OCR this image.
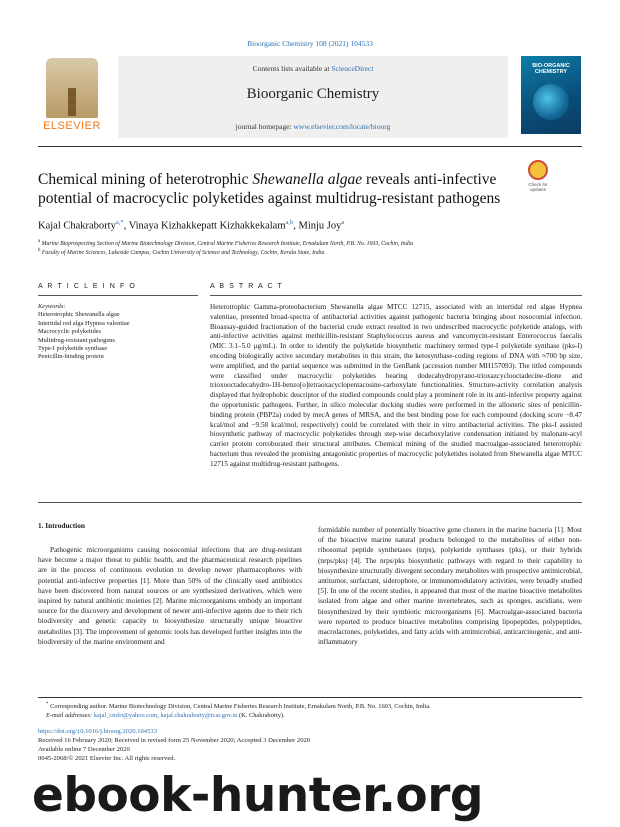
Bioorganic Chemistry 108 (2021) 104533
ELSEVIER
Contents lists available at ScienceDirect
Bioorganic Chemistry
journal homepage: www.elsevier.com/locate/bioorg
BIO-ORGANIC CHEMISTRY
Chemical mining of heterotrophic Shewanella algae reveals anti-infective potential of macrocyclic polyketides against multidrug-resistant pathogens
Check for updates
Kajal Chakraborty$^{a,*}$, Vinaya Kizhakkepatt Kizhakkekalam$^{a,b}$, Minju Joy$^a$
$^a$ Marine Bioprospecting Section of Marine Biotechnology Division, Central Marine Fisheries Research Institute, Ernakulam North, P.B. No. 1603, Cochin, India
$^b$ Faculty of Marine Sciences, Lakeside Campus, Cochin University of Science and Technology, Cochin, Kerala State, India
A R T I C L E I N F O	A B S T R A C T
Keywords:
Heterotrophic Shewanella algae
Intertidal red alga Hypnea valentiae
Macrocyclic polyketides
Multidrug-resistant pathogens
Type-I polyketide synthase
Penicillin-binding protein
Heterotrophic Gamma-proteobacterium Shewanella algae MTCC 12715, associated with an intertidal red algae Hypnea valentiae, presented broad-spectra of antibacterial activities against pathogenic bacteria bringing about nosocomial infection. Bioassay-guided fractionation of the bacterial crude extract resulted in two undescribed macrocyclic polyketide analogs, with anti-infective activities against methicillin-resistant Staphylococcus aureus and vancomycin-resistant Enterococcus faecalis (MIC 3.1–5.0 μg/mL). In order to identify the polyketide biosynthetic machinery termed type-I polyketide synthase (pks-I) encoding biologically active secondary metabolites in this strain, the ketosynthase-coding regions of DNA with ≈700 bp size, were amplified, and the partial sequence was submitted in the GenBank (accession number MH157093). The titled compounds were classified under macrocyclic polyketides bearing dodecahydropyrano-trioxazcyclooctadecine-dione and trioxooctadecahydro-1H-benzo[o]tetraoxacyclopentacosine-carboxylate functionalities. Structure-activity correlation analysis displayed that hydrophobic descriptor of the studied compounds could play a prominent role in its anti-infective property against the opportunistic pathogens. Further, in silico molecular docking studies were performed in the allosteric sites of penicillin-binding protein (PBP2a) coded by mecA genes of MRSA, and the best binding pose for each compound (docking score −8.47 kcal/mol and −9.58 kcal/mol, respectively) could be correlated with their in vitro antibacterial activities. The pks-I assisted biosynthetic pathway of macrocyclic polyketides through step-wise decarboxylative condensation initiated by malonate-acyl carrier protein corroborated their structural attributes. Chemical mining of the studied macroalgae-associated heterotrophic bacterium thus revealed the promising antagonistic properties of macrocyclic polyketides isolated from Shewanella algae MTCC 12715 against multidrug-resistant pathogens.
1. Introduction

Pathogenic microorganisms causing nosocomial infections that are drug-resistant have become a major threat to public health, and the pharmaceutical research pipelines are in the process of continuous evolution to develop newer pharmacophores with potential anti-infective properties [1]. More than 50% of the clinically used antibiotics have been discovered from natural sources or are synthesized derivatives, which were inspired by natural antibiotic moieties [2]. Marine microorganisms embody an important source for the discovery and development of newer anti-infective agents due to their rich biodiversity and genetic capacity to biosynthesize structurally unique bioactive metabolites [3]. The improvement of genomic tools has developed further insights into the biodiversity of the marine environment and

formidable number of potentially bioactive gene clusters in the marine bacteria [1]. Most of the bioactive marine natural products belonged to the metabolites of either non-ribosomal peptide synthetases (nrps), polyketide synthases (pks), or their hybrids (nrps/pks) [4]. The nrps/pks biosynthetic pathways with regard to their capability to biosynthesize structurally divergent secondary metabolites with prospective antimicrobial, antitumor, surfactant, siderophore, or immunomodulatory activities, were broadly studied [5]. In one of the recent studies, it appeared that most of the marine bioactive metabolites isolated from algae and other marine invertebrates, such as sponges, ascidians, were biosynthesized by their symbiotic microorganisms [6]. Macroalgae-associated bacteria were reported to produce bioactive metabolites comprising lipopeptides, polypeptides, macrolactones, polyketides, and fatty acids with antimicrobial, anticarcinogenic, and anti-inflammatory

* Corresponding author. Marine Biotechnology Division, Central Marine Fisheries Research Institute, Ernakulam North, P.B. No. 1603, Cochin, India.
E-mail addresses: kajal_cmfri@yahoo.com, kajal.chakraborty@icar.gov.in (K. Chakraborty).
https://doi.org/10.1016/j.bioorg.2020.104533
Received 16 February 2020; Received in revised form 25 November 2020; Accepted 3 December 2020
Available online 7 December 2020
0045-2068/© 2021 Elsevier Inc. All rights reserved.
ebook-hunter.org
